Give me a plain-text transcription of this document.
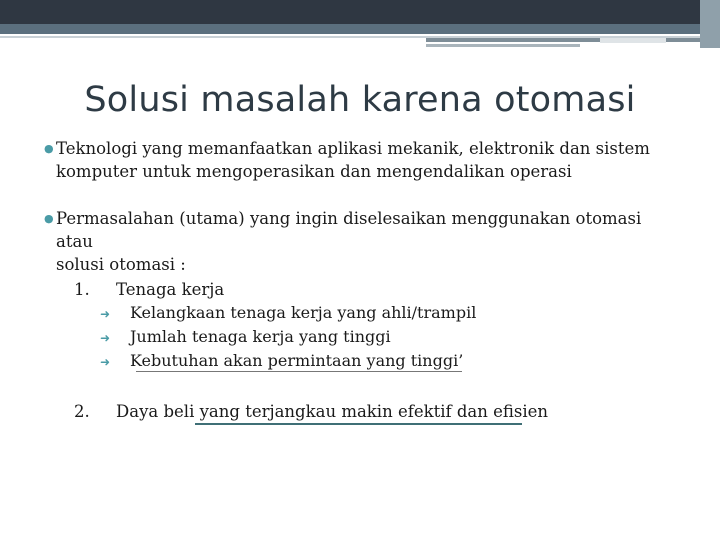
Solusi masalah karena otomasi
● Teknologi yang memanfaatkan aplikasi mekanik, elektronik dan sistem
komputer untuk mengoperasikan dan mengendalikan operasi
● Permasalahan (utama) yang ingin diselesaikan menggunakan otomasi atau
solusi otomasi :
1. Tenaga kerja
➜ Kelangkaan tenaga kerja yang ahli/trampil
➜ Jumlah tenaga kerja yang tinggi
➜ Kebutuhan akan permintaan yang tinggi’
2. Daya beli yang terjangkau makin efektif dan efisien
